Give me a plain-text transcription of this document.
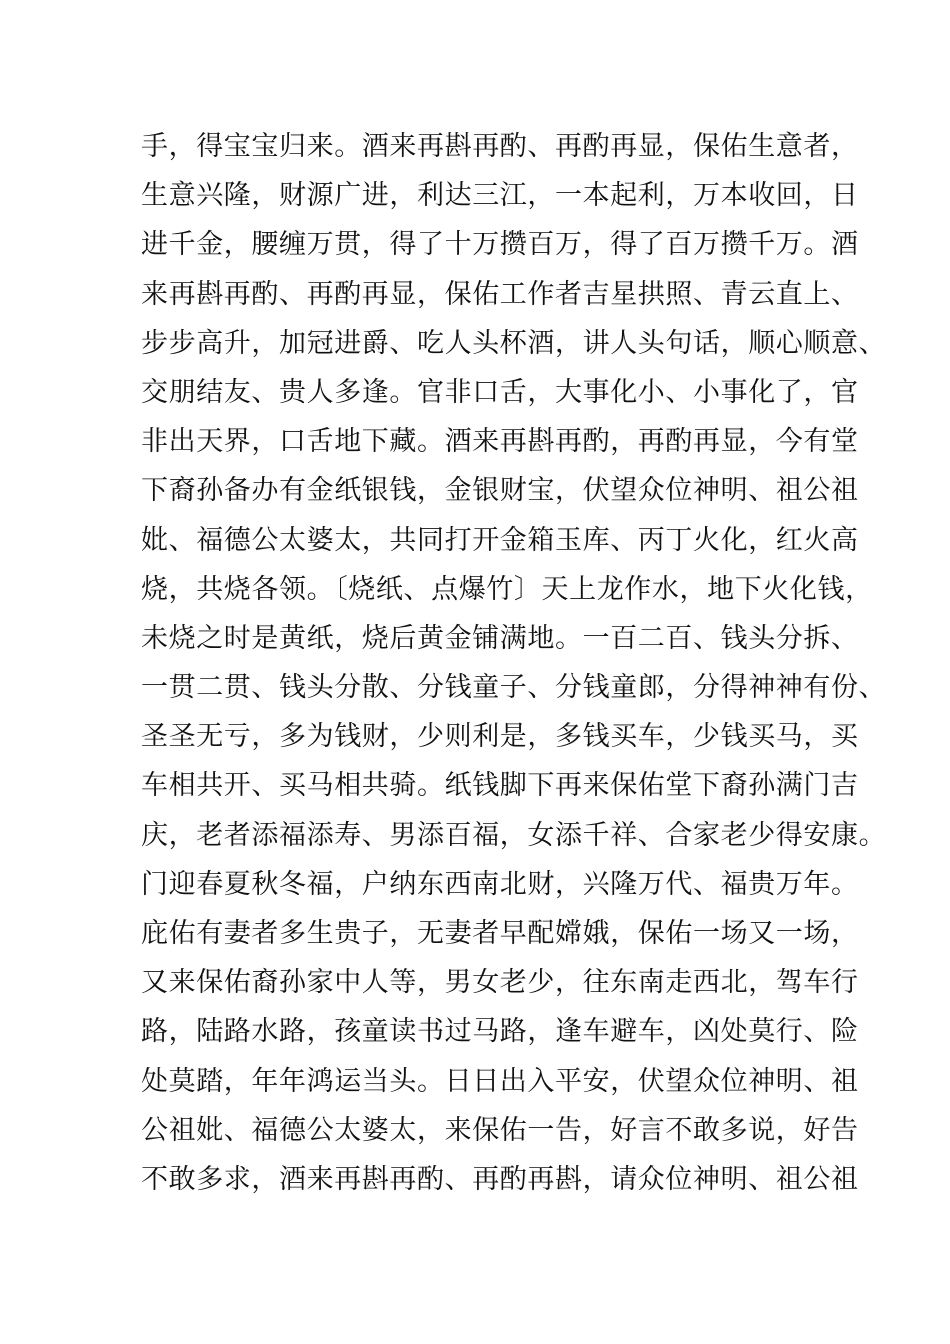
手，得宝宝归来。酒来再斟再酌、再酌再显，保佑生意者，
生意兴隆，财源广进，利达三江，一本起利，万本收回，日
进千金，腰缠万贯，得了十万攒百万，得了百万攒千万。酒
来再斟再酌、再酌再显，保佑工作者吉星拱照、青云直上、
步步高升，加冠进爵、吃人头杯酒，讲人头句话，顺心顺意、
交朋结友、贵人多逢。官非口舌，大事化小、小事化了，官
非出天界，口舌地下藏。酒来再斟再酌，再酌再显，今有堂
下裔孙备办有金纸银钱，金银财宝，伏望众位神明、祖公祖
妣、福德公太婆太，共同打开金箱玉库、丙丁火化，红火高
烧，共烧各领。〔烧纸、点爆竹〕天上龙作水，地下火化钱，
未烧之时是黄纸，烧后黄金铺满地。一百二百、钱头分拆、
一贯二贯、钱头分散、分钱童子、分钱童郎，分得神神有份、
圣圣无亏，多为钱财，少则利是，多钱买车，少钱买马，买
车相共开、买马相共骑。纸钱脚下再来保佑堂下裔孙满门吉
庆，老者添福添寿、男添百福，女添千祥、合家老少得安康。
门迎春夏秋冬福，户纳东西南北财，兴隆万代、福贵万年。
庇佑有妻者多生贵子，无妻者早配嫦娥，保佑一场又一场，
又来保佑裔孙家中人等，男女老少，往东南走西北，驾车行
路，陆路水路，孩童读书过马路，逢车避车，凶处莫行、险
处莫踏，年年鸿运当头。日日出入平安，伏望众位神明、祖
公祖妣、福德公太婆太，来保佑一告，好言不敢多说，好告
不敢多求，酒来再斟再酌、再酌再斟，请众位神明、祖公祖
